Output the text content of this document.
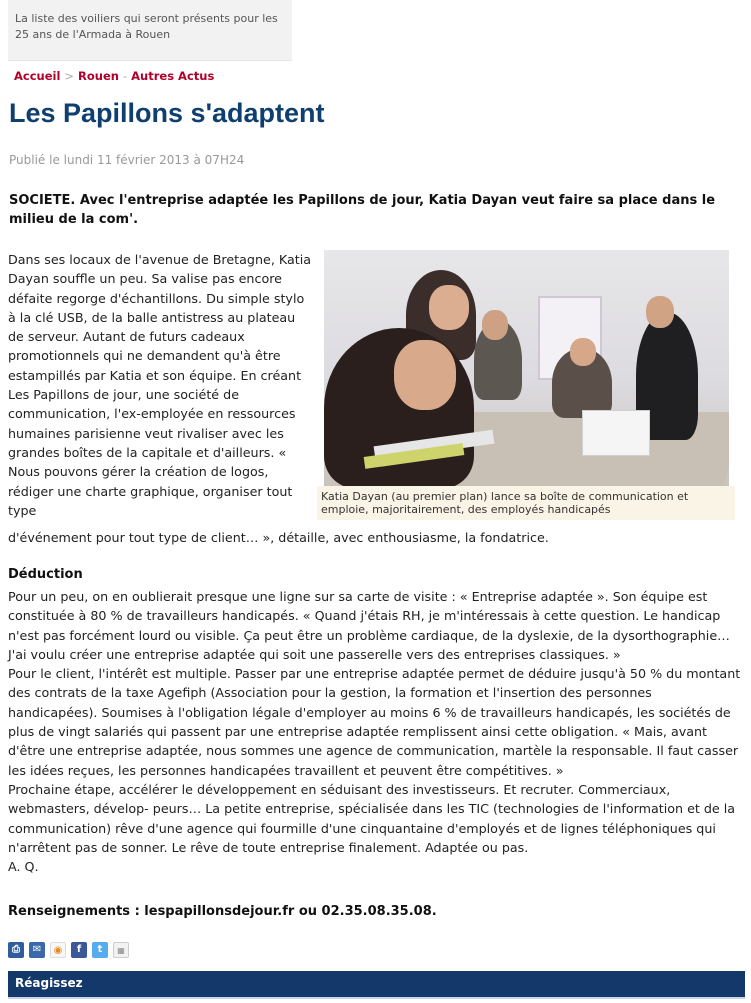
La liste des voiliers qui seront présents pour les 25 ans de l'Armada à Rouen
Accueil > Rouen - Autres Actus
Les Papillons s'adaptent
Publié le lundi 11 février 2013 à 07H24

SOCIETE. Avec l'entreprise adaptée les Papillons de jour, Katia Dayan veut faire sa place dans le milieu de la com'.

Dans ses locaux de l'avenue de Bretagne, Katia Dayan souffle un peu. Sa valise pas encore défaite regorge d'échantillons. Du simple stylo à la clé USB, de la balle antistress au plateau de serveur. Autant de futurs cadeaux promotionnels qui ne demandent qu'à être estampillés par Katia et son équipe. En créant Les Papillons de jour, une société de communication, l'ex-employée en ressources humaines parisienne veut rivaliser avec les grandes boîtes de la capitale et d'ailleurs. « Nous pouvons gérer la création de logos, rédiger une charte graphique, organiser tout type

d'événement pour tout type de client… », détaille, avec enthousiasme, la fondatrice.

Katia Dayan (au premier plan) lance sa boîte de communication et emploie, majoritairement, des employés handicapés
Déduction

Pour un peu, on en oublierait presque une ligne sur sa carte de visite : « Entreprise adaptée ». Son équipe est constituée à 80 % de travailleurs handicapés. « Quand j'étais RH, je m'intéressais à cette question. Le handicap n'est pas forcément lourd ou visible. Ça peut être un problème cardiaque, de la dyslexie, de la dysorthographie… J'ai voulu créer une entreprise adaptée qui soit une passerelle vers des entreprises classiques. »

Pour le client, l'intérêt est multiple. Passer par une entreprise adaptée permet de déduire jusqu'à 50 % du montant des contrats de la taxe Agefiph (Association pour la gestion, la formation et l'insertion des personnes handicapées). Soumises à l'obligation légale d'employer au moins 6 % de travailleurs handicapés, les sociétés de plus de vingt salariés qui passent par une entreprise adaptée remplissent ainsi cette obligation. « Mais, avant d'être une entreprise adaptée, nous sommes une agence de communication, martèle la responsable. Il faut casser les idées reçues, les personnes handicapées travaillent et peuvent être compétitives. »

Prochaine étape, accélérer le développement en séduisant des investisseurs. Et recruter. Commerciaux, webmasters, dévelop- peurs… La petite entreprise, spécialisée dans les TIC (technologies de l'information et de la communication) rêve d'une agence qui fourmille d'une cinquantaine d'employés et de lignes téléphoniques qui n'arrêtent pas de sonner. Le rêve de toute entreprise finalement. Adaptée ou pas.

A. Q.

Renseignements : lespapillonsdejour.fr ou 02.35.08.35.08.

⎙	✉	◉	f	t	▦
Réagissez
